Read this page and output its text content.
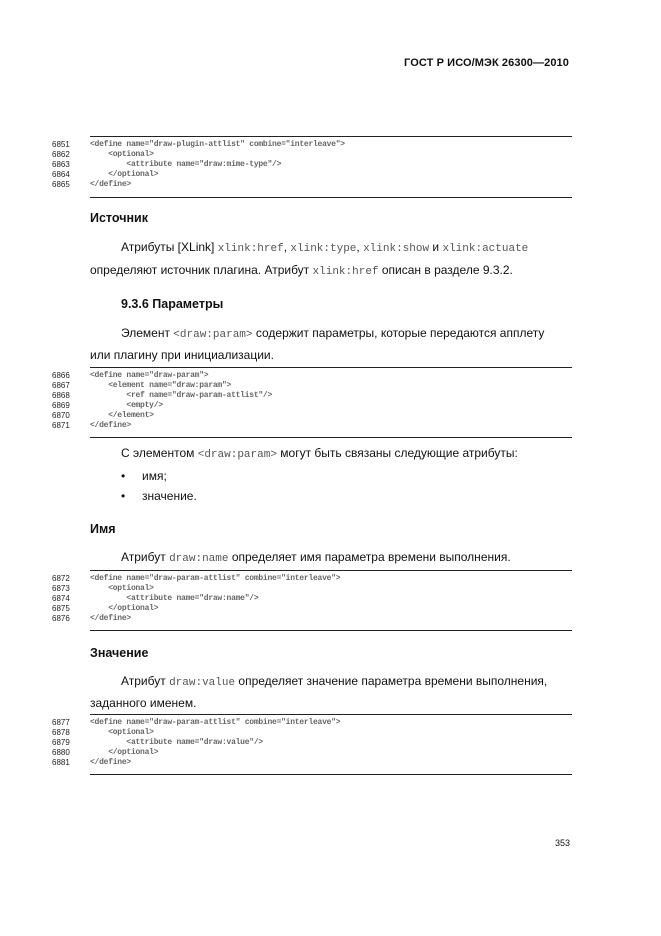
ГОСТ Р ИСО/МЭК 26300—2010
6851	<define name="draw-plugin-attlist" combine="interleave">
6862	<optional>
6863	<attribute name="draw:mime-type"/>
6864	</optional>
6865	</define>
Источник
Атрибуты [XLink] xlink:href, xlink:type, xlink:show и xlink:actuate
определяют источник плагина. Атрибут xlink:href описан в разделе 9.3.2.
9.3.6 Параметры
Элемент <draw:param> содержит параметры, которые передаются апплету
или плагину при инициализации.
6866	<define name="draw-param">
6867	<element name="draw:param">
6868	<ref name="draw-param-attlist"/>
6869	<empty/>
6870	</element>
6871	</define>
С элементом <draw:param> могут быть связаны следующие атрибуты:
• имя;
• значение.
Имя
Атрибут draw:name определяет имя параметра времени выполнения.
6872	<define name="draw-param-attlist" combine="interleave">
6873	<optional>
6874	<attribute name="draw:name"/>
6875	</optional>
6876	</define>
Значение
Атрибут draw:value определяет значение параметра времени выполнения,
заданного именем.
6877	<define name="draw-param-attlist" combine="interleave">
6878	<optional>
6879	<attribute name="draw:value"/>
6880	</optional>
6881	</define>
353
